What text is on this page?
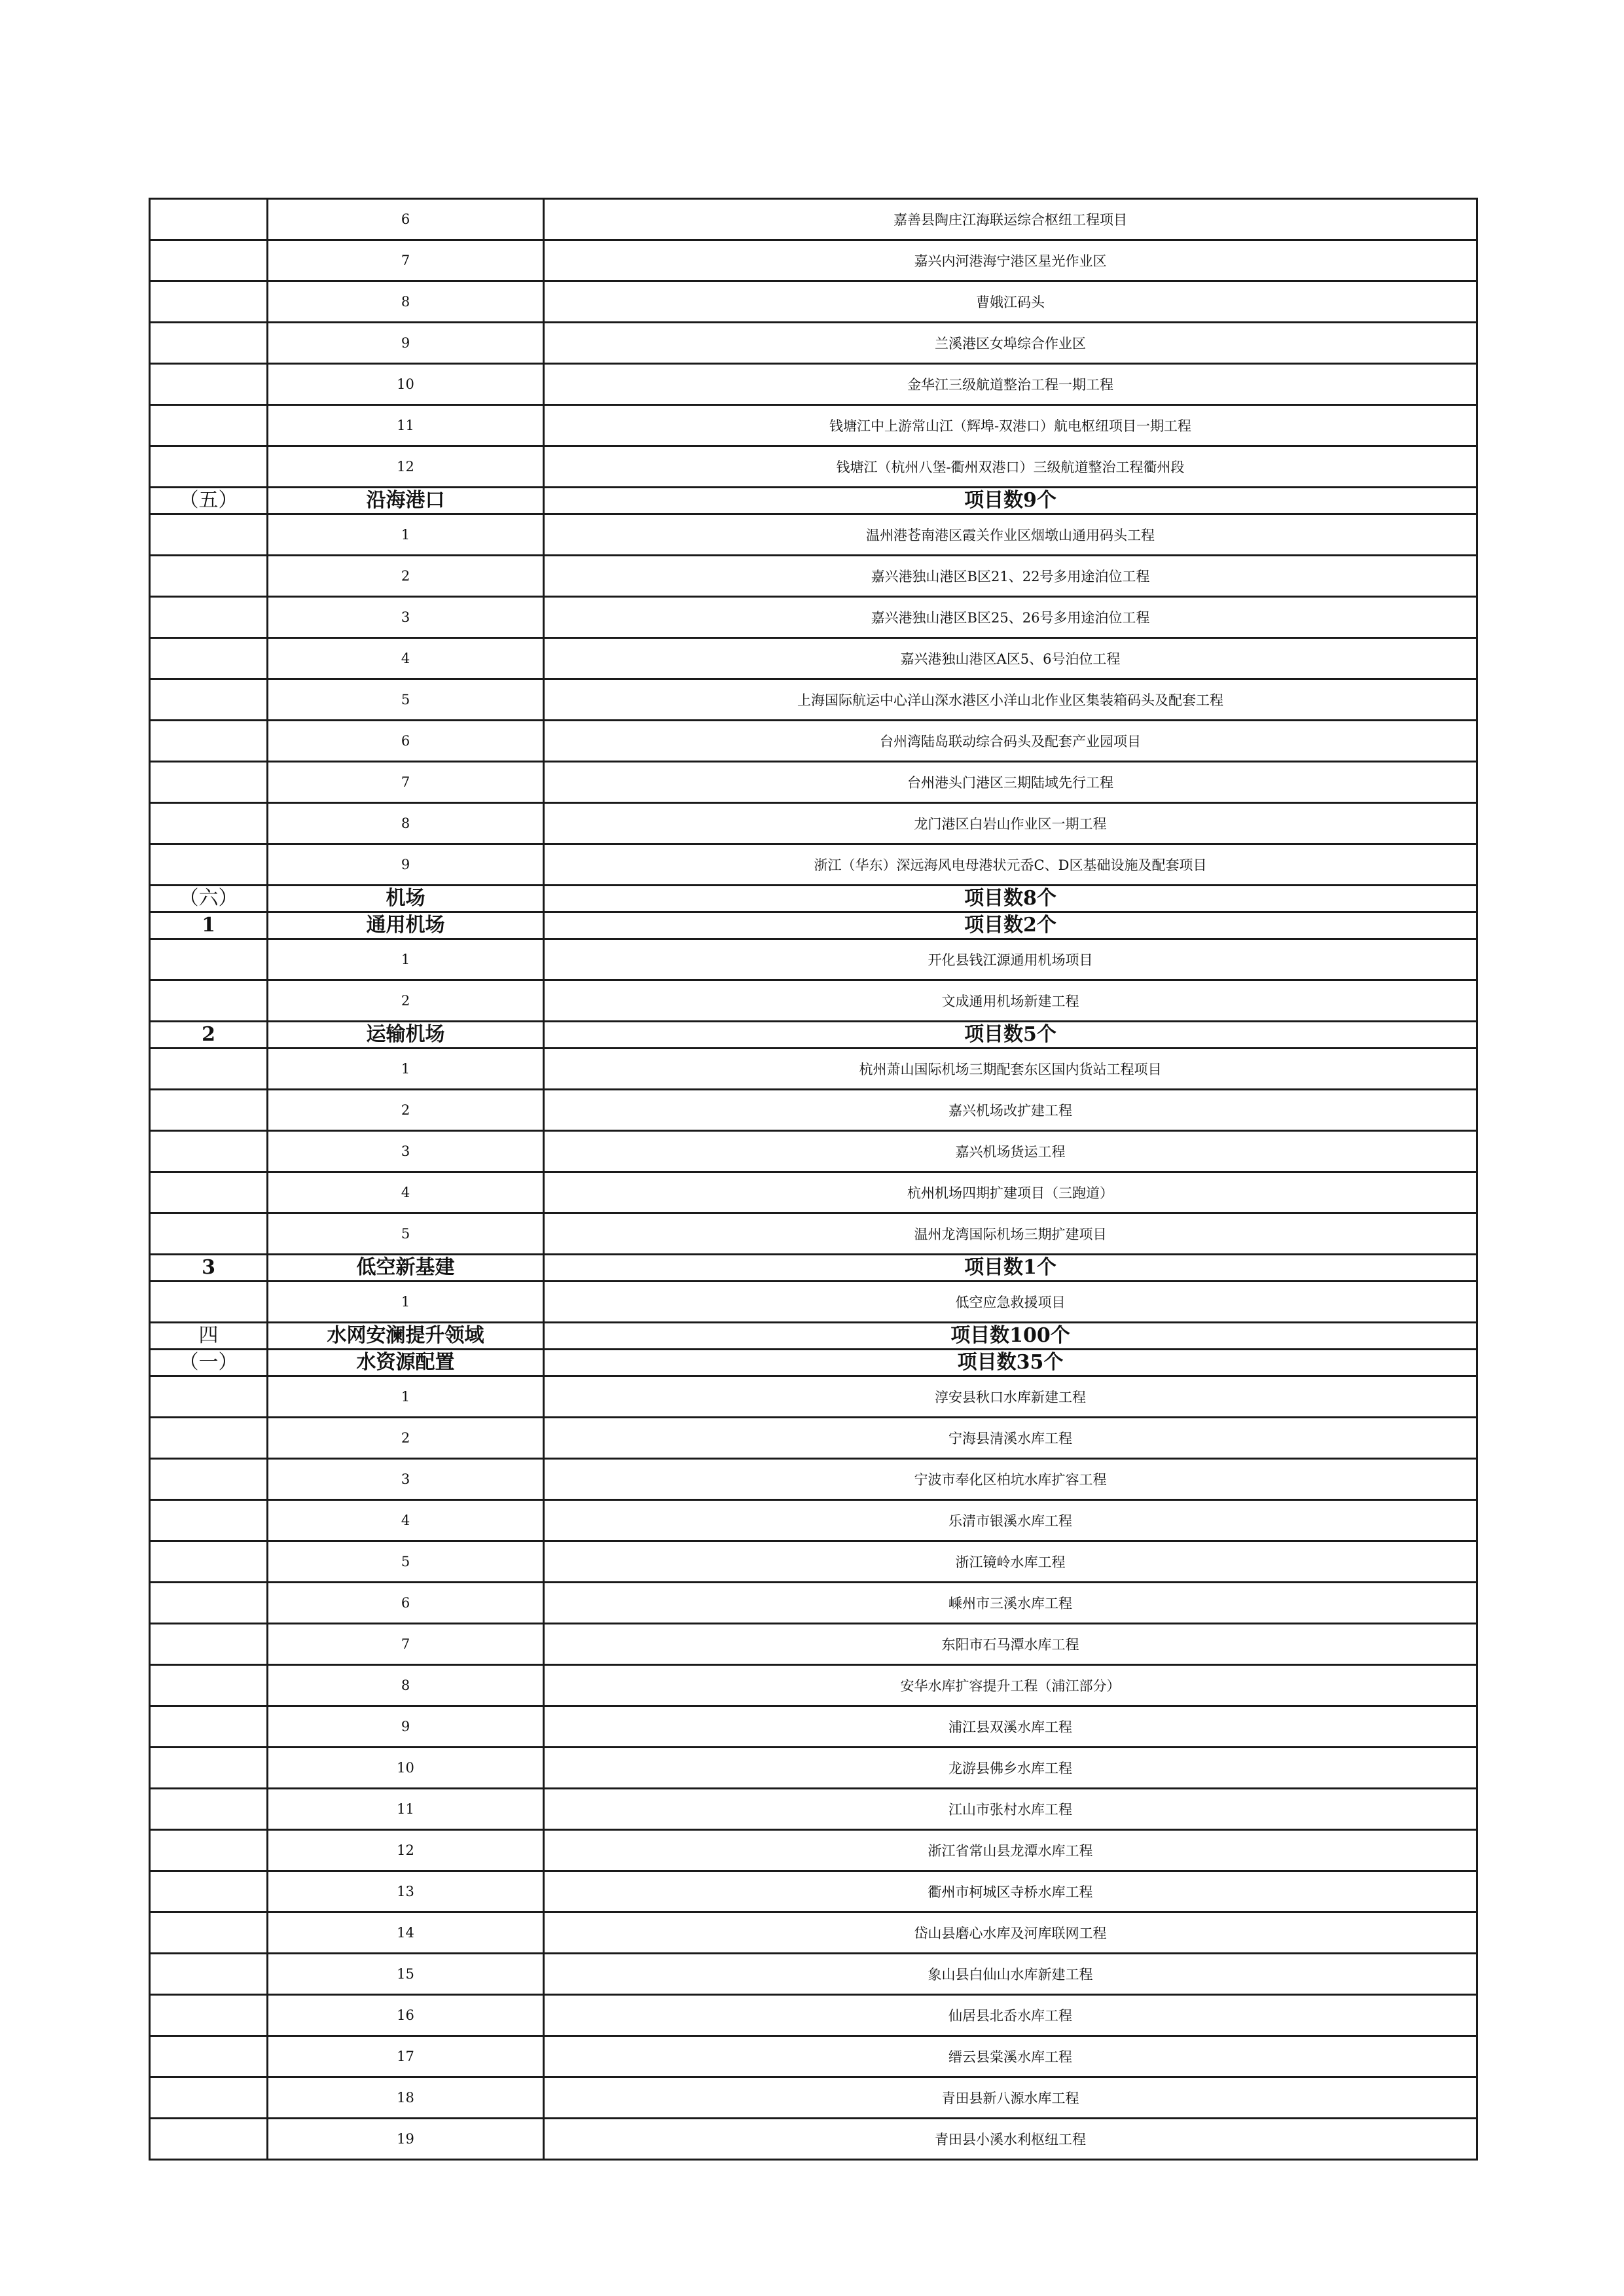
	6	嘉善县陶庄江海联运综合枢纽工程项目
	7	嘉兴内河港海宁港区星光作业区
	8	曹娥江码头
	9	兰溪港区女埠综合作业区
	10	金华江三级航道整治工程一期工程
	11	钱塘江中上游常山江（辉埠-双港口）航电枢纽项目一期工程
	12	钱塘江（杭州八堡-衢州双港口）三级航道整治工程衢州段
（五）	沿海港口	项目数9个
	1	温州港苍南港区霞关作业区烟墩山通用码头工程
	2	嘉兴港独山港区B区21、22号多用途泊位工程
	3	嘉兴港独山港区B区25、26号多用途泊位工程
	4	嘉兴港独山港区A区5、6号泊位工程
	5	上海国际航运中心洋山深水港区小洋山北作业区集装箱码头及配套工程
	6	台州湾陆岛联动综合码头及配套产业园项目
	7	台州港头门港区三期陆域先行工程
	8	龙门港区白岩山作业区一期工程
	9	浙江（华东）深远海风电母港状元岙C、D区基础设施及配套项目
（六）	机场	项目数8个
1	通用机场	项目数2个
	1	开化县钱江源通用机场项目
	2	文成通用机场新建工程
2	运输机场	项目数5个
	1	杭州萧山国际机场三期配套东区国内货站工程项目
	2	嘉兴机场改扩建工程
	3	嘉兴机场货运工程
	4	杭州机场四期扩建项目（三跑道）
	5	温州龙湾国际机场三期扩建项目
3	低空新基建	项目数1个
	1	低空应急救援项目
四	水网安澜提升领域	项目数100个
（一）	水资源配置	项目数35个
	1	淳安县秋口水库新建工程
	2	宁海县清溪水库工程
	3	宁波市奉化区柏坑水库扩容工程
	4	乐清市银溪水库工程
	5	浙江镜岭水库工程
	6	嵊州市三溪水库工程
	7	东阳市石马潭水库工程
	8	安华水库扩容提升工程（浦江部分）
	9	浦江县双溪水库工程
	10	龙游县佛乡水库工程
	11	江山市张村水库工程
	12	浙江省常山县龙潭水库工程
	13	衢州市柯城区寺桥水库工程
	14	岱山县磨心水库及河库联网工程
	15	象山县白仙山水库新建工程
	16	仙居县北岙水库工程
	17	缙云县棠溪水库工程
	18	青田县新八源水库工程
	19	青田县小溪水利枢纽工程
